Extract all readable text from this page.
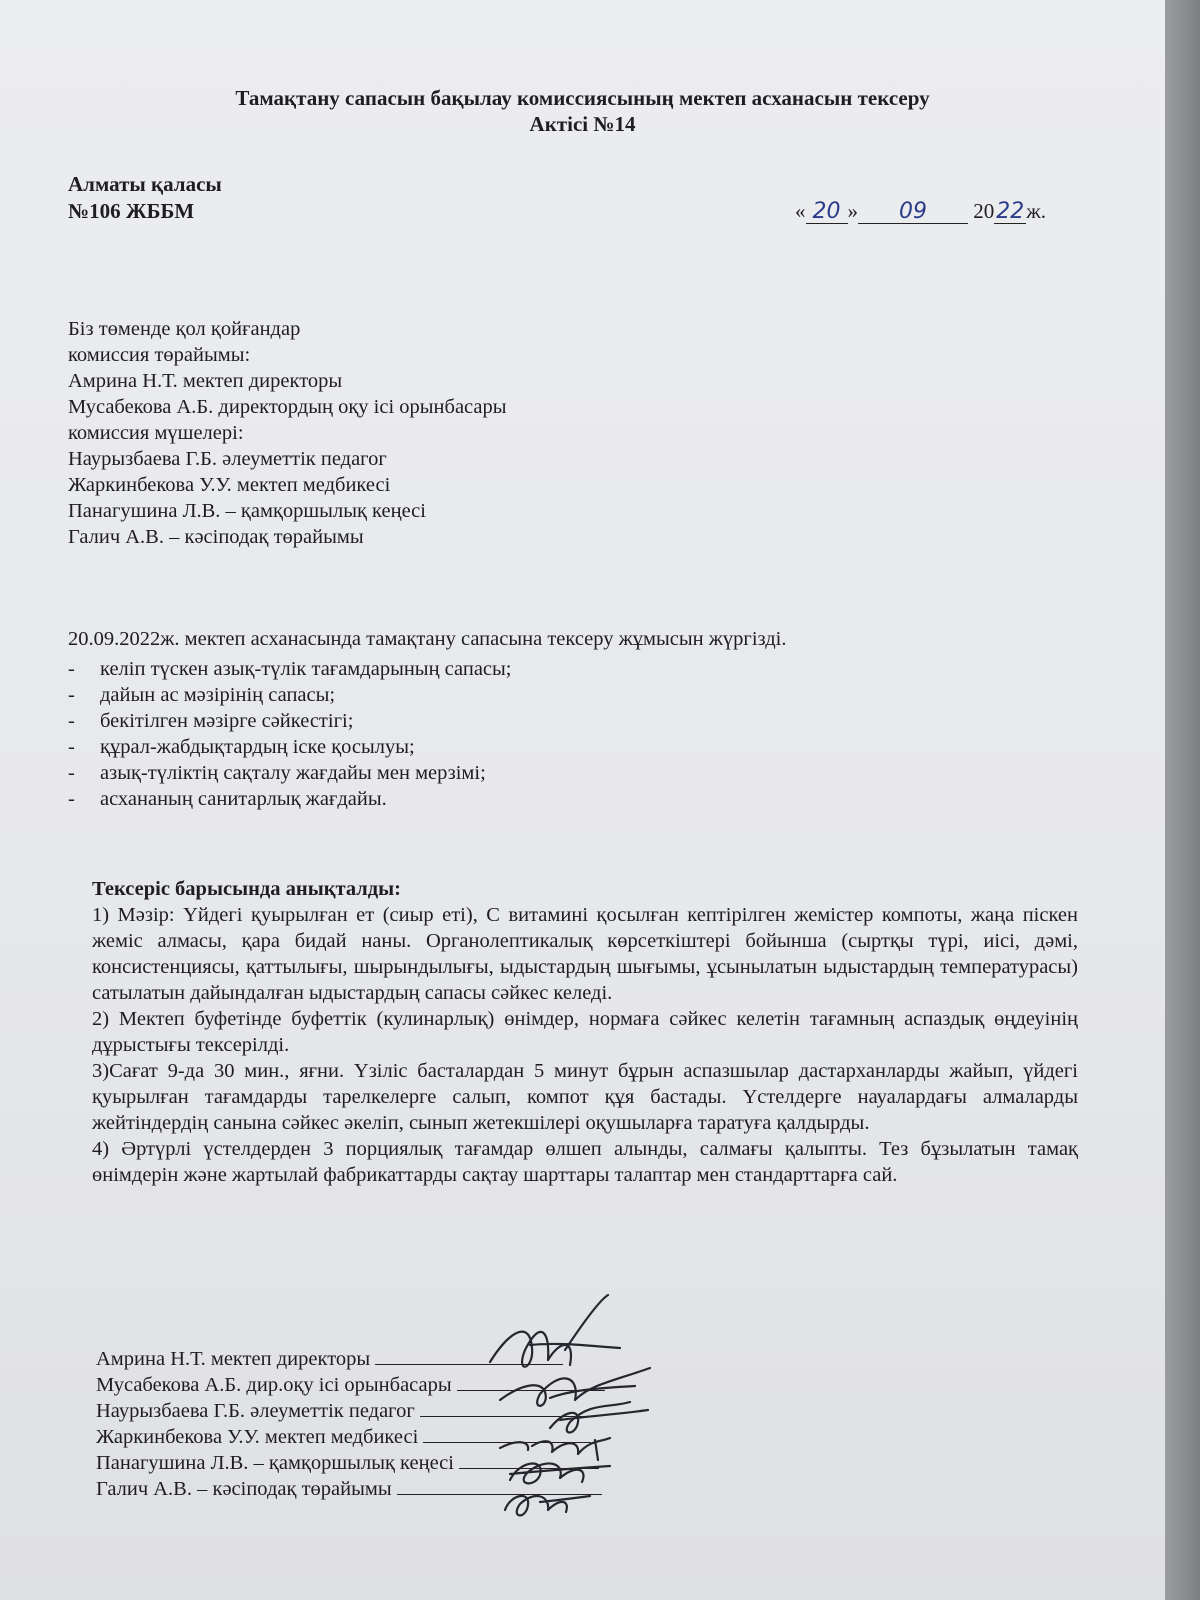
Тамақтану сапасын бақылау комиссиясының мектеп асханасын тексеру
Актісі №14
Алматы қаласы
№106 ЖББМ	« 20 » 09 2022ж.
Біз төменде қол қойғандар
комиссия төрайымы:
Амрина Н.Т. мектеп директоры
Мусабекова А.Б. директордың оқу ісі орынбасары
комиссия мүшелері:
Наурызбаева Г.Б. әлеуметтік педагог
Жаркинбекова У.У. мектеп медбикесі
Панагушина Л.В. – қамқоршылық кеңесі
Галич А.В. – кәсіподақ төрайымы
20.09.2022ж. мектеп асханасында тамақтану сапасына тексеру жұмысын жүргізді.
- келіп түскен азық-түлік тағамдарының сапасы;
- дайын ас мәзірінің сапасы;
- бекітілген мәзірге сәйкестігі;
- құрал-жабдықтардың іске қосылуы;
- азық-түліктің сақталу жағдайы мен мерзімі;
- асхананың санитарлық жағдайы.
Тексеріс барысында анықталды:

1) Мәзір: Үйдегі қуырылған ет (сиыр еті), С витамині қосылған кептірілген жемістер компоты, жаңа піскен жеміс алмасы, қара бидай наны. Органолептикалық көрсеткіштері бойынша (сыртқы түрі, иісі, дәмі, консистенциясы, қаттылығы, шырындылығы, ыдыстардың шығымы, ұсынылатын ыдыстардың температурасы) сатылатын дайындалған ыдыстардың сапасы сәйкес келеді.

2) Мектеп буфетінде буфеттік (кулинарлық) өнімдер, нормаға сәйкес келетін тағамның аспаздық өңдеуінің дұрыстығы тексерілді.

3)Сағат 9-да 30 мин., яғни. Үзіліс басталардан 5 минут бұрын аспазшылар дастарханларды жайып, үйдегі қуырылған тағамдарды тарелкелерге салып, компот құя бастады. Үстелдерге науалардағы алмаларды жейтіндердің санына сәйкес әкеліп, сынып жетекшілері оқушыларға таратуға қалдырды.

4) Әртүрлі үстелдерден 3 порциялық тағамдар өлшеп алынды, салмағы қалыпты. Тез бұзылатын тамақ өнімдерін және жартылай фабрикаттарды сақтау шарттары талаптар мен стандарттарға сай.

Амрина Н.Т. мектеп директоры
Мусабекова А.Б. дир.оқу ісі орынбасары
Наурызбаева Г.Б. әлеуметтік педагог
Жаркинбекова У.У. мектеп медбикесі
Панагушина Л.В. – қамқоршылық кеңесі
Галич А.В. – кәсіподақ төрайымы
